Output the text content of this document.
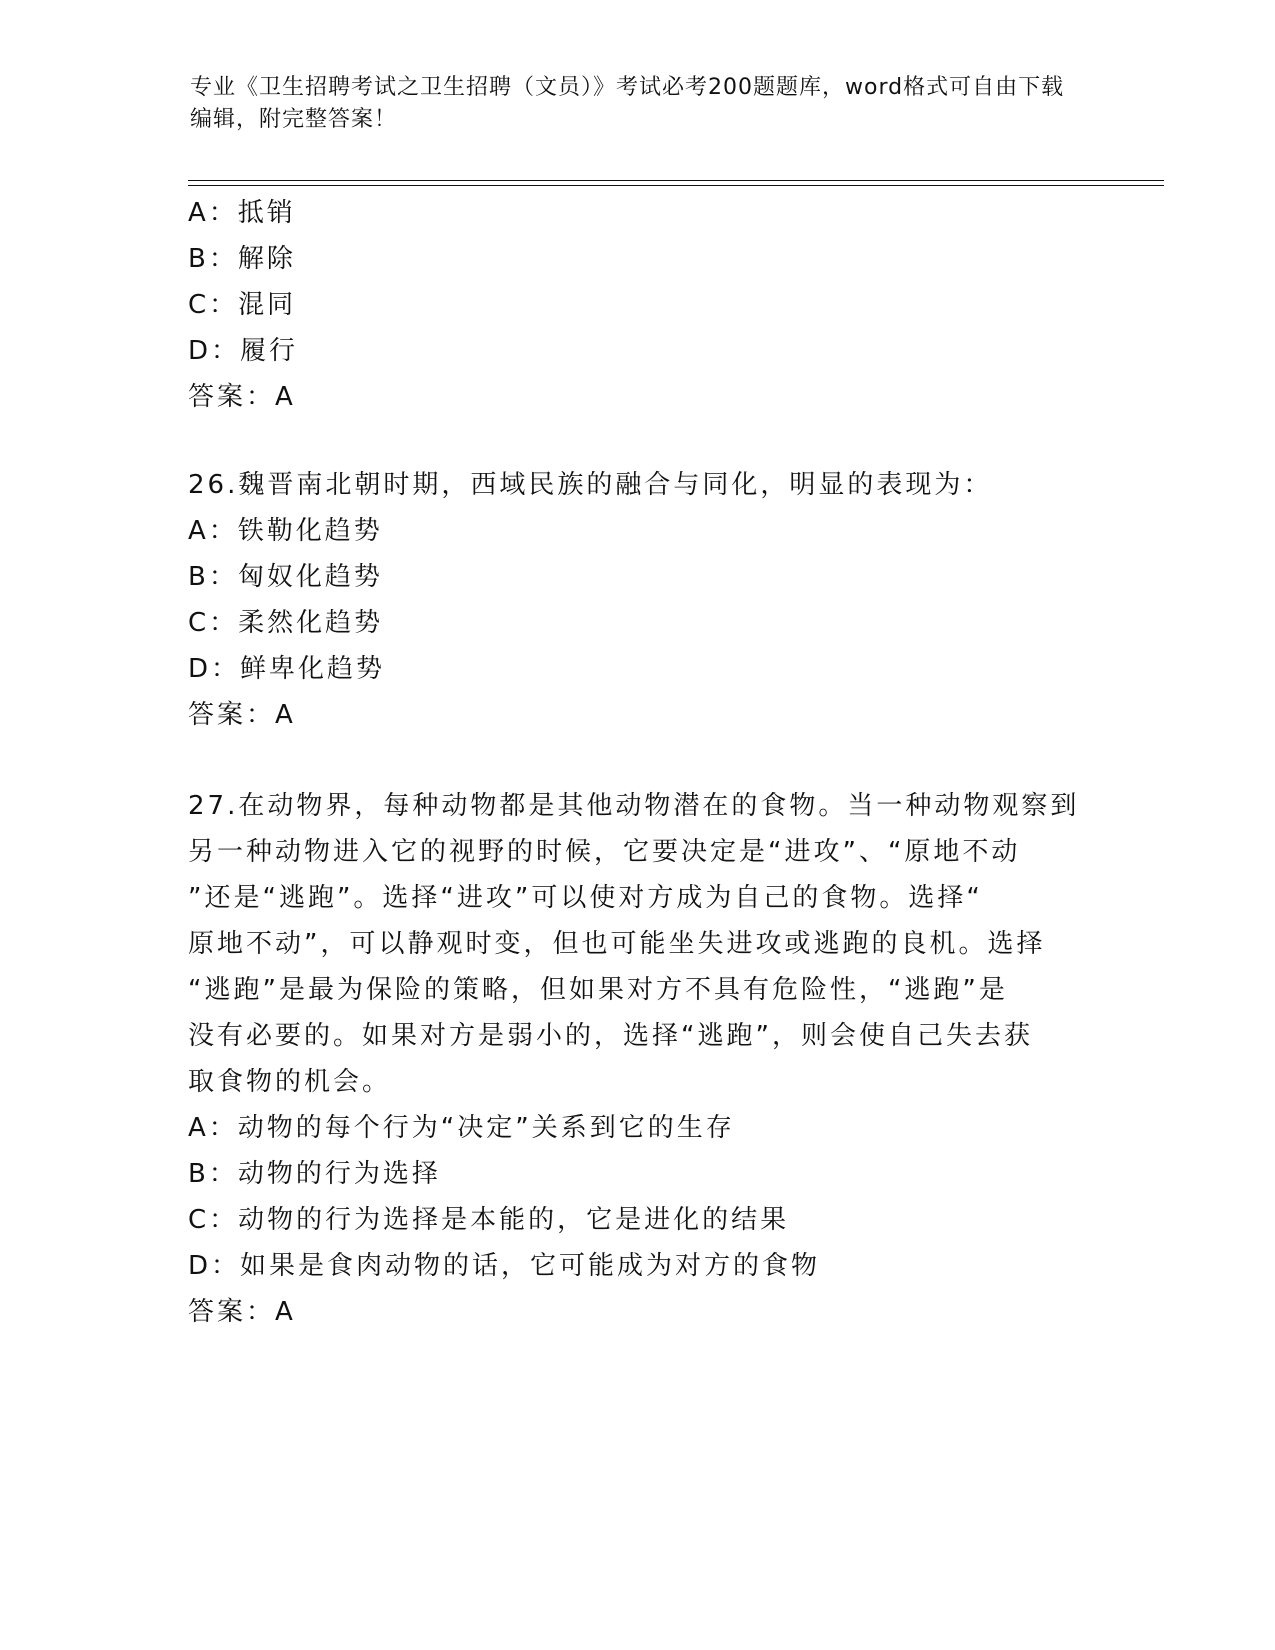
专业《卫生招聘考试之卫生招聘（文员）》考试必考200题题库，word格式可自由下载编辑，附完整答案！
A：抵销
B：解除
C：混同
D：履行
答案：A
26.魏晋南北朝时期，西域民族的融合与同化，明显的表现为：
A：铁勒化趋势
B：匈奴化趋势
C：柔然化趋势
D：鲜卑化趋势
答案：A
27.在动物界，每种动物都是其他动物潜在的食物。当一种动物观察到
另一种动物进入它的视野的时候，它要决定是“进攻”、“原地不动
”还是“逃跑”。选择“进攻”可以使对方成为自己的食物。选择“
原地不动”，可以静观时变，但也可能坐失进攻或逃跑的良机。选择
“逃跑”是最为保险的策略，但如果对方不具有危险性，“逃跑”是
没有必要的。如果对方是弱小的，选择“逃跑”，则会使自己失去获
取食物的机会。
A：动物的每个行为“决定”关系到它的生存
B：动物的行为选择
C：动物的行为选择是本能的，它是进化的结果
D：如果是食肉动物的话，它可能成为对方的食物
答案：A
